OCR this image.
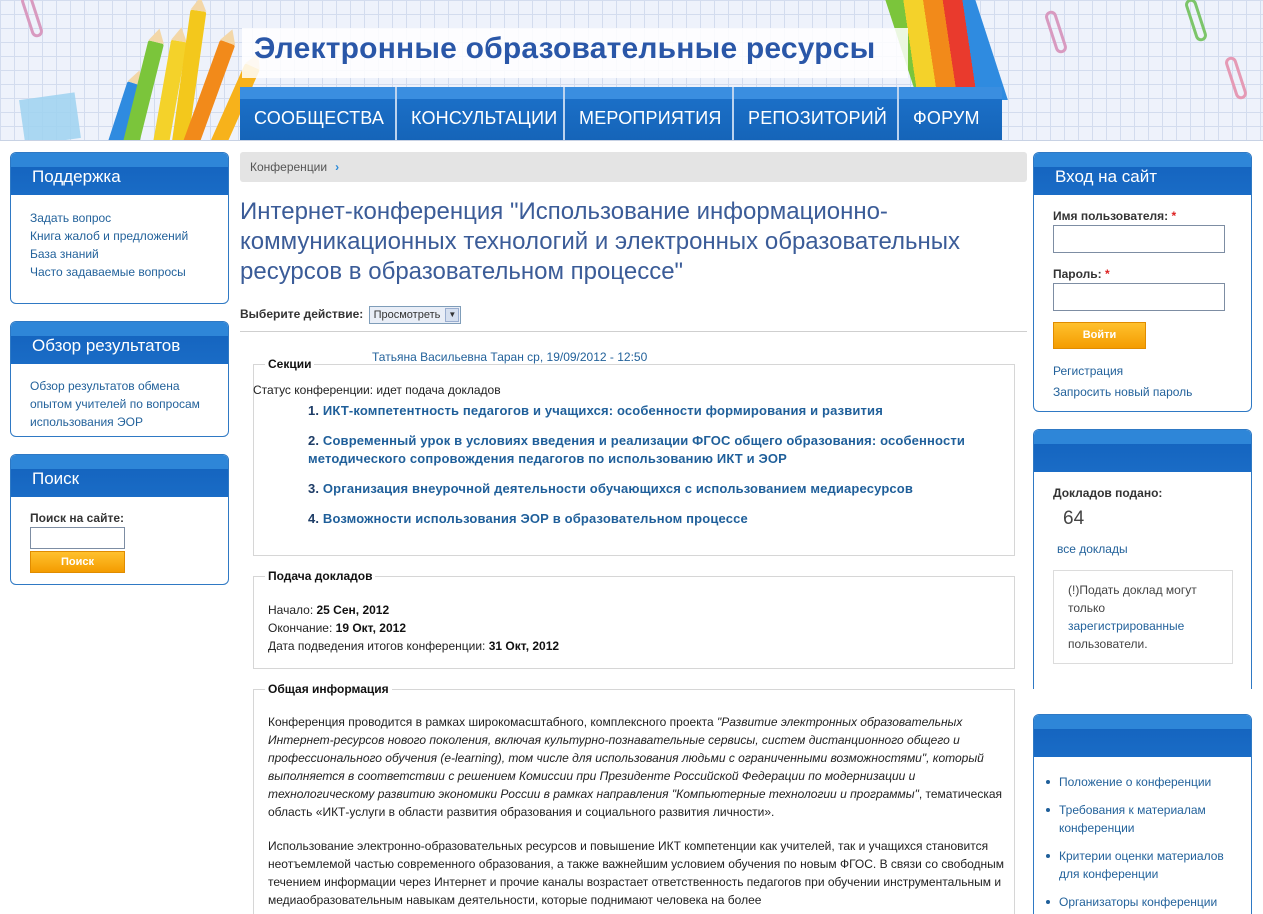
Электронные образовательные ресурсы
СООБЩЕСТВА	КОНСУЛЬТАЦИИ	МЕРОПРИЯТИЯ	РЕПОЗИТОРИЙ	ФОРУМ
Поддержка
Задать вопрос
Книга жалоб и предложений
База знаний
Часто задаваемые вопросы
Обзор результатов
Обзор результатов обмена опытом учителей по вопросам использования ЭОР
Поиск
Поиск на сайте:
Поиск
Конференции ›
Интернет-конференция "Использование информационно-коммуникационных технологий и электронных образовательных ресурсов в образовательном процессе"
Выберите действие: Просмотреть	▼
Секции	Татьяна Васильевна Таран ср, 19/09/2012 - 12:50
Статус конференции: идет подача докладов
1. ИКТ-компетентность педагогов и учащихся: особенности формирования и развития
2. Современный урок в условиях введения и реализации ФГОС общего образования: особенности методического сопровождения педагогов по использованию ИКТ и ЭОР
3. Организация внеурочной деятельности обучающихся с использованием медиаресурсов
4. Возможности использования ЭОР в образовательном процессе
Подача докладов
Начало: 25 Сен, 2012
Окончание: 19 Окт, 2012
Дата подведения итогов конференции: 31 Окт, 2012
Общая информация

Конференция проводится в рамках широкомасштабного, комплексного проекта "Развитие электронных образовательных Интернет-ресурсов нового поколения, включая культурно-познавательные сервисы, систем дистанционного общего и профессионального обучения (e-learning), том числе для использования людьми с ограниченными возможностями", который выполняется в соответствии с решением Комиссии при Президенте Российской Федерации по модернизации и технологическому развитию экономики России в рамках направления "Компьютерные технологии и программы", тематическая область «ИКТ-услуги в области развития образования и социального развития личности».

Использование электронно-образовательных ресурсов и повышение ИКТ компетенции как учителей, так и учащихся становится неотъемлемой частью современного образования, а также важнейшим условием обучения по новым ФГОС. В связи со свободным течением информации через Интернет и прочие каналы возрастает ответственность педагогов при обучении инструментальным и медиаобразовательным навыкам деятельности, которые поднимают человека на более

Вход на сайт
Имя пользователя: *
Пароль: *
Войти
Регистрация
Запросить новый пароль
Докладов подано:
64
все доклады
(!)Подать доклад могут только зарегистрированные пользователи.
Положение о конференции
Требования к материалам конференции
Критерии оценки материалов для конференции
Организаторы конференции
